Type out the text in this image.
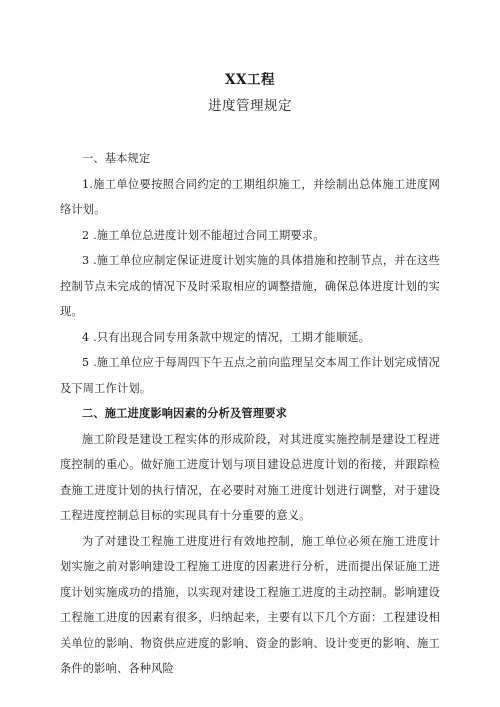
XX工程
进度管理规定

一、基本规定

1.施工单位要按照合同约定的工期组织施工，并绘制出总体施工进度网络计划。

2 .施工单位总进度计划不能超过合同工期要求。

3 .施工单位应制定保证进度计划实施的具体措施和控制节点，并在这些控制节点未完成的情况下及时采取相应的调整措施，确保总体进度计划的实现。

4 .只有出现合同专用条款中规定的情况，工期才能顺延。

5 .施工单位应于每周四下午五点之前向监理呈交本周工作计划完成情况及下周工作计划。

二、施工进度影响因素的分析及管理要求

施工阶段是建设工程实体的形成阶段，对其进度实施控制是建设工程进度控制的重心。做好施工进度计划与项目建设总进度计划的衔接，并跟踪检查施工进度计划的执行情况，在必要时对施工进度计划进行调整，对于建设工程进度控制总目标的实现具有十分重要的意义。

为了对建设工程施工进度进行有效地控制，施工单位必须在施工进度计划实施之前对影响建设工程施工进度的因素进行分析，进而提出保证施工进度计划实施成功的措施，以实现对建设工程施工进度的主动控制。影响建设工程施工进度的因素有很多，归纳起来，主要有以下几个方面：工程建设相关单位的影响、物资供应进度的影响、资金的影响、设计变更的影响、施工条件的影响、各种风险
